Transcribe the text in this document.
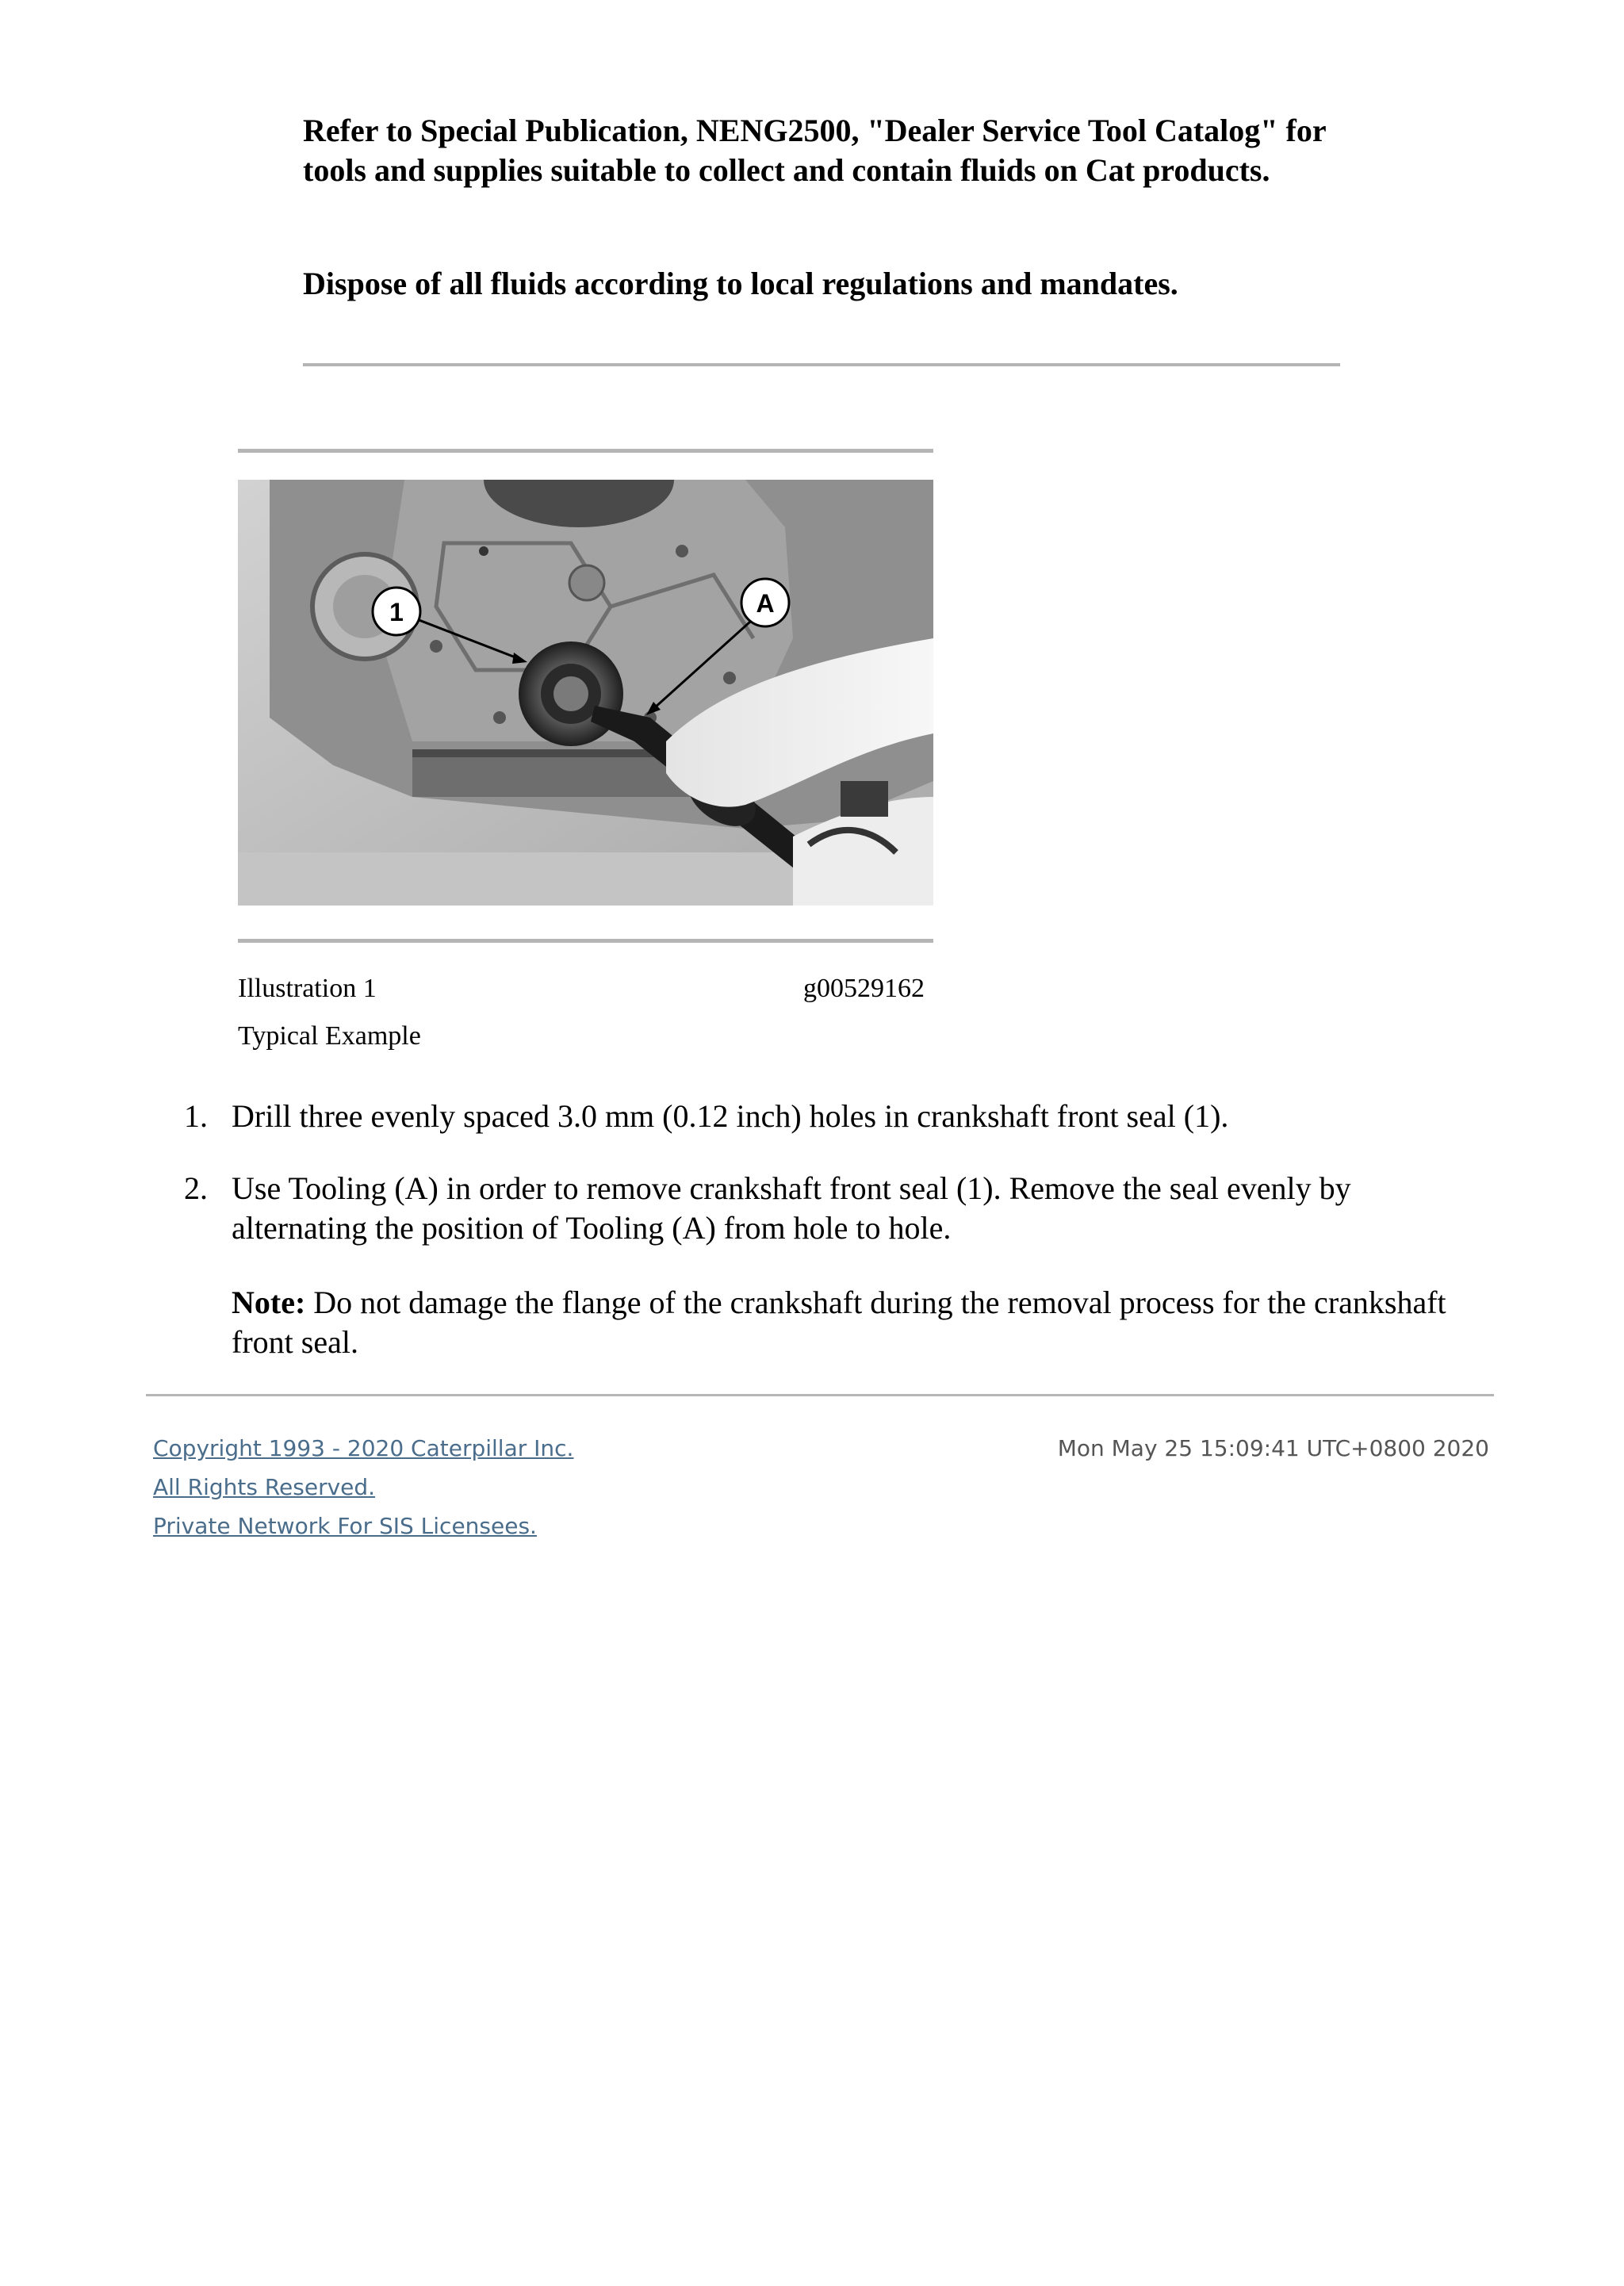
Refer to Special Publication, NENG2500, "Dealer Service Tool Catalog" for tools and supplies suitable to collect and contain fluids on Cat products.

Dispose of all fluids according to local regulations and mandates.

1	A
Illustration 1	g00529162
Typical Example
1. Drill three evenly spaced 3.0 mm (0.12 inch) holes in crankshaft front seal (1).
2. Use Tooling (A) in order to remove crankshaft front seal (1). Remove the seal evenly by alternating the position of Tooling (A) from hole to hole.
Note: Do not damage the flange of the crankshaft during the removal process for the crankshaft front seal.
Copyright 1993 - 2020 Caterpillar Inc.
All Rights Reserved.
Private Network For SIS Licensees.
Mon May 25 15:09:41 UTC+0800 2020
